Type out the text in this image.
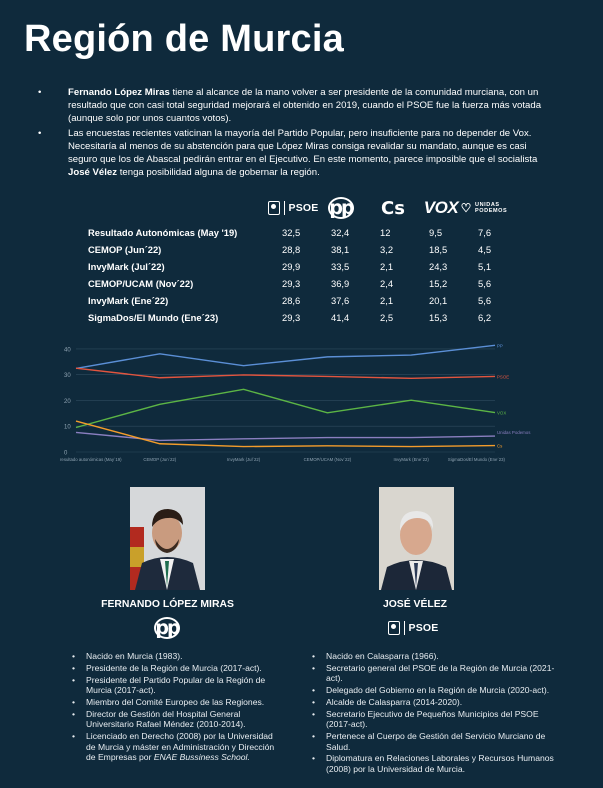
Región de Murcia
• Fernando López Miras tiene al alcance de la mano volver a ser presidente de la comunidad murciana, con un resultado que con casi total seguridad mejorará el obtenido en 2019, cuando el PSOE fue la fuerza más votada (aunque solo por unos cuantos votos).
• Las encuestas recientes vaticinan la mayoría del Partido Popular, pero insuficiente para no depender de Vox. Necesitaría al menos de su abstención para que López Miras consiga revalidar su mandato, aunque es casi seguro que los de Abascal pedirán entrar en el Ejecutivo. En este momento, parece imposible que el socialista José Vélez tenga posibilidad alguna de gobernar la región.
PSOE pp Cs VOX ♡ UNIDAS
PODEMOS
Resultado Autonómicas (May '19)	32,5	32,4	12	9,5	7,6
CEMOP (Jun´22)	28,8	38,1	3,2	18,5	4,5
InvyMark (Jul´22)	29,9	33,5	2,1	24,3	5,1
CEMOP/UCAM (Nov´22)	29,3	36,9	2,4	15,2	5,6
InvyMark (Ene´22)	28,6	37,6	2,1	20,1	5,6
SigmaDos/El Mundo (Ene´23)	29,3	41,4	2,5	15,3	6,2
0
10
20
30
40
resultado autonómicas (May´19)	CEMOP (Jun´22)	InvyMark (Jul´22)	CEMOP/UCAM (Nov´22)	InvyMark (Ene´22)	SigmaDos/El Mundo (Ene´23)
PP
PSOE
VOX
Unidas Podemos
Cs
FERNANDO LÓPEZ MIRAS
pp
JOSÉ VÉLEZ
PSOE
• Nacido en Murcia (1983).
• Presidente de la Región de Murcia (2017-act).
• Presidente del Partido Popular de la Región de Murcia (2017-act).
• Miembro del Comité Europeo de las Regiones.
• Director de Gestión del Hospital General Universitario Rafael Méndez (2010-2014).
• Licenciado en Derecho (2008) por la Universidad de Murcia y máster en Administración y Dirección de Empresas por ENAE Bussiness School.
• Nacido en Calasparra (1966).
• Secretario general del PSOE de la Región de Murcia (2021-act).
• Delegado del Gobierno en la Región de Murcia (2020-act).
• Alcalde de Calasparra (2014-2020).
• Secretario Ejecutivo de Pequeños Municipios del PSOE (2017-act).
• Pertenece al Cuerpo de Gestión del Servicio Murciano de Salud.
• Diplomatura en Relaciones Laborales y Recursos Humanos (2008) por la Universidad de Murcia.
